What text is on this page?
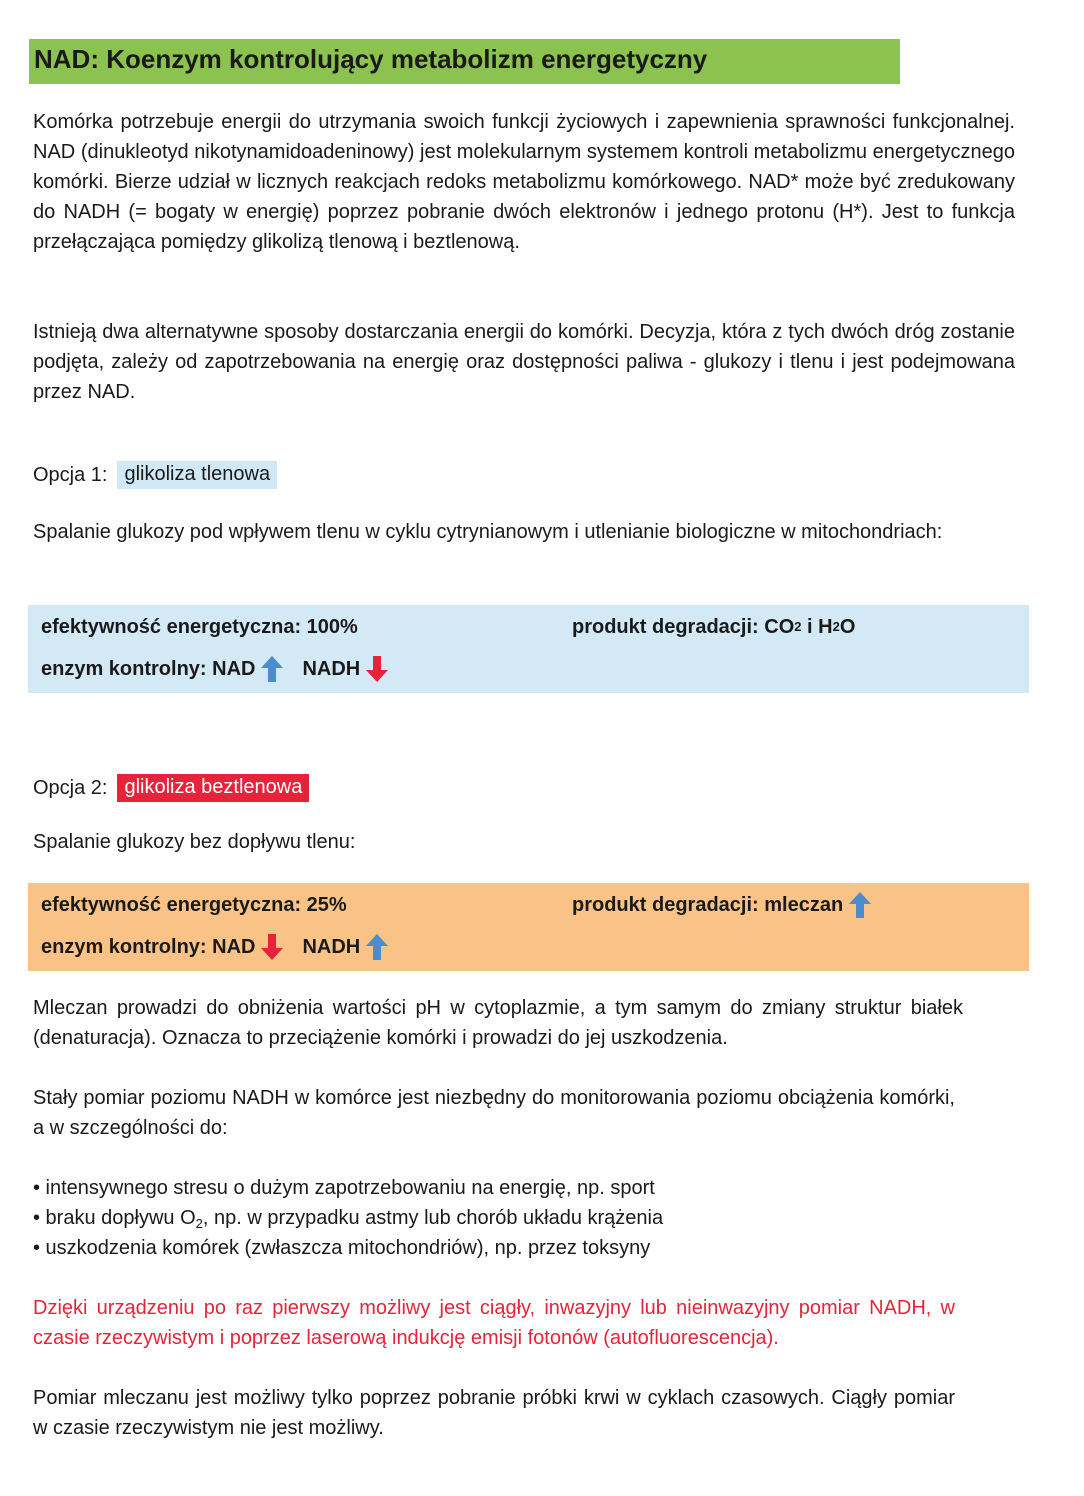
NAD: Koenzym kontrolujący metabolizm energetyczny
Komórka potrzebuje energii do utrzymania swoich funkcji życiowych i zapewnienia sprawności funkcjonalnej. NAD (dinukleotyd nikotynamidoadeninowy) jest molekularnym systemem kontroli metabolizmu energetycznego komórki. Bierze udział w licznych reakcjach redoks metabolizmu komórkowego. NAD* może być zredukowany do NADH (= bogaty w energię) poprzez pobranie dwóch elektronów i jednego protonu (H*). Jest to funkcja przełączająca pomiędzy glikolizą tlenową i beztlenową.
Istnieją dwa alternatywne sposoby dostarczania energii do komórki. Decyzja, która z tych dwóch dróg zostanie podjęta, zależy od zapotrzebowania na energię oraz dostępności paliwa - glukozy i tlenu i jest podejmowana przez NAD.
Opcja 1: glikoliza tlenowa
Spalanie glukozy pod wpływem tlenu w cyklu cytrynianowym i utlenianie biologiczne w mitochondriach:
efektywność energetyczna: 100%	produkt degradacji: CO 2 i H 2 O
enzym kontrolny: NAD NADH
Opcja 2: glikoliza beztlenowa
Spalanie glukozy bez dopływu tlenu:
efektywność energetyczna: 25%	produkt degradacji: mleczan
enzym kontrolny: NAD NADH
Mleczan prowadzi do obniżenia wartości pH w cytoplazmie, a tym samym do zmiany struktur białek (denaturacja). Oznacza to przeciążenie komórki i prowadzi do jej uszkodzenia.
Stały pomiar poziomu NADH w komórce jest niezbędny do monitorowania poziomu obciążenia komórki, a w szczególności do:
• intensywnego stresu o dużym zapotrzebowaniu na energię, np. sport
• braku dopływu $O_2$, np. w przypadku astmy lub chorób układu krążenia
• uszkodzenia komórek (zwłaszcza mitochondriów), np. przez toksyny
Dzięki urządzeniu po raz pierwszy możliwy jest ciągły, inwazyjny lub nieinwazyjny pomiar NADH, w czasie rzeczywistym i poprzez laserową indukcję emisji fotonów (autofluorescencja).
Pomiar mleczanu jest możliwy tylko poprzez pobranie próbki krwi w cyklach czasowych. Ciągły pomiar w czasie rzeczywistym nie jest możliwy.
